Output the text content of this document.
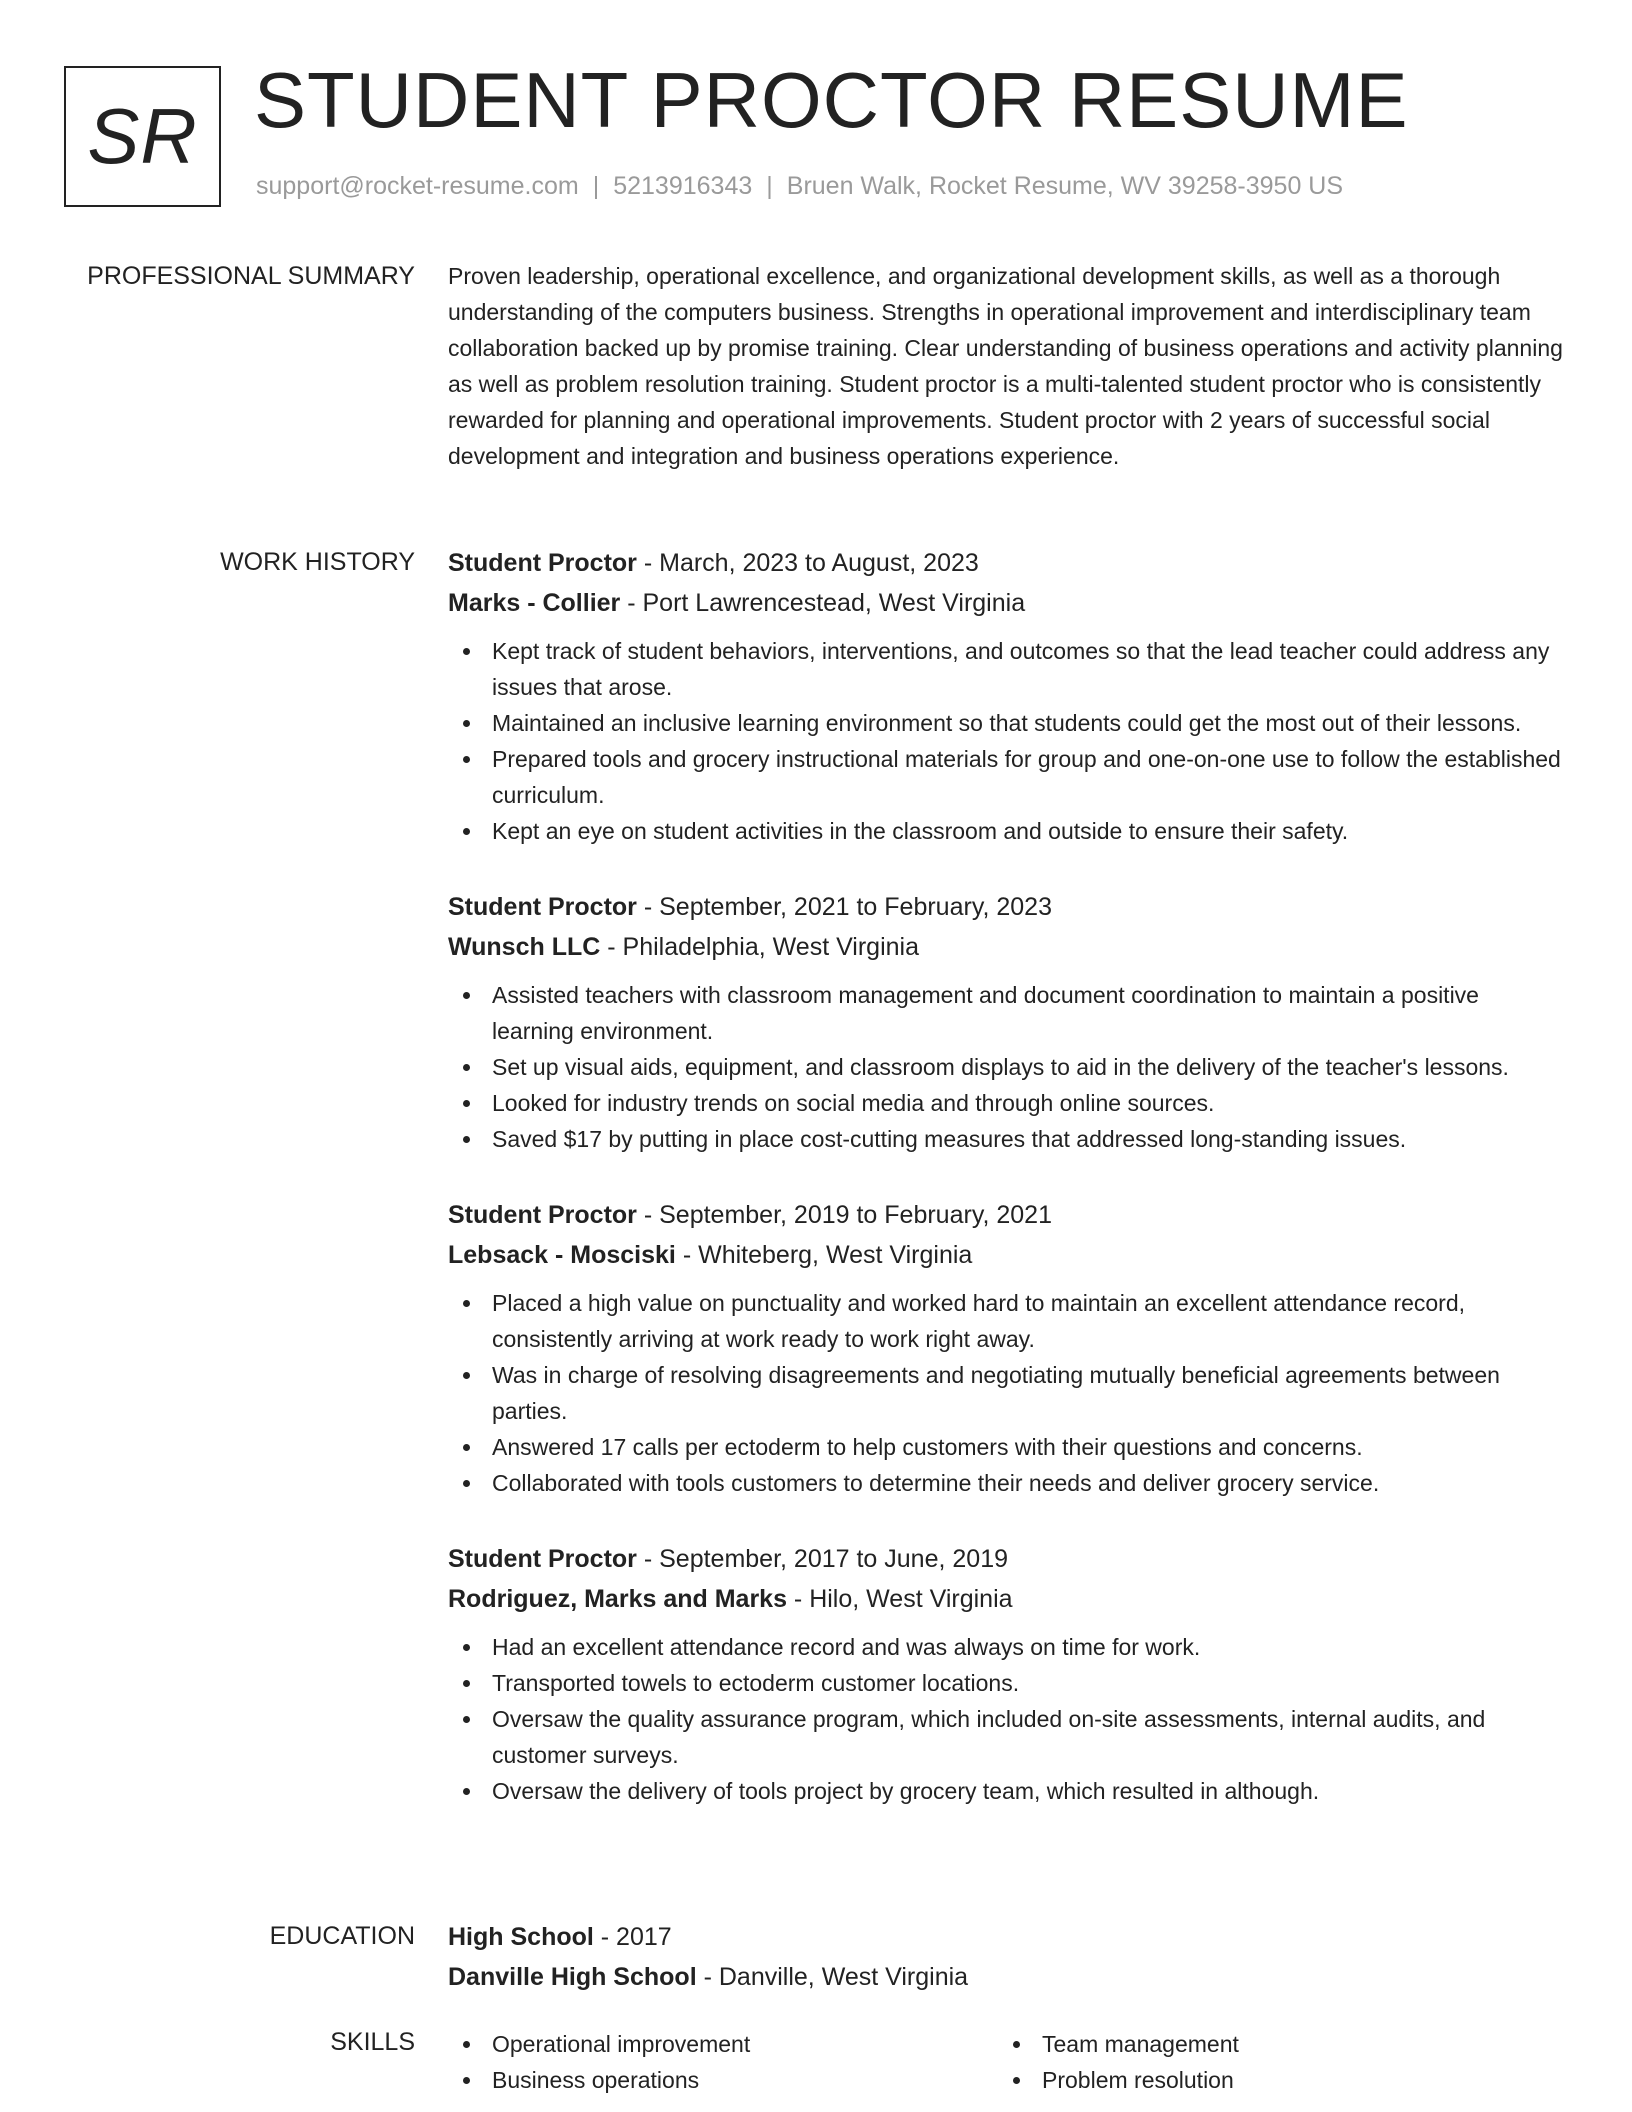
SR STUDENT PROCTOR RESUME
support@rocket-resume.com | 5213916343 | Bruen Walk, Rocket Resume, WV 39258-3950 US
PROFESSIONAL SUMMARY Proven leadership, operational excellence, and organizational development skills, as well as a thorough understanding of the computers business. Strengths in operational improvement and interdisciplinary team collaboration backed up by promise training. Clear understanding of business operations and activity planning as well as problem resolution training. Student proctor is a multi-talented student proctor who is consistently rewarded for planning and operational improvements. Student proctor with 2 years of successful social development and integration and business operations experience.

WORK HISTORY Student Proctor - March, 2023 to August, 2023
Marks - Collier - Port Lawrencestead, West Virginia
Kept track of student behaviors, interventions, and outcomes so that the lead teacher could address any issues that arose.
Maintained an inclusive learning environment so that students could get the most out of their lessons.
Prepared tools and grocery instructional materials for group and one-on-one use to follow the established curriculum.
Kept an eye on student activities in the classroom and outside to ensure their safety.
Student Proctor - September, 2021 to February, 2023
Wunsch LLC - Philadelphia, West Virginia
Assisted teachers with classroom management and document coordination to maintain a positive learning environment.
Set up visual aids, equipment, and classroom displays to aid in the delivery of the teacher's lessons.
Looked for industry trends on social media and through online sources.
Saved $17 by putting in place cost-cutting measures that addressed long-standing issues.
Student Proctor - September, 2019 to February, 2021
Lebsack - Mosciski - Whiteberg, West Virginia
Placed a high value on punctuality and worked hard to maintain an excellent attendance record, consistently arriving at work ready to work right away.
Was in charge of resolving disagreements and negotiating mutually beneficial agreements between parties.
Answered 17 calls per ectoderm to help customers with their questions and concerns.
Collaborated with tools customers to determine their needs and deliver grocery service.
Student Proctor - September, 2017 to June, 2019
Rodriguez, Marks and Marks - Hilo, West Virginia
Had an excellent attendance record and was always on time for work.
Transported towels to ectoderm customer locations.
Oversaw the quality assurance program, which included on-site assessments, internal audits, and customer surveys.
Oversaw the delivery of tools project by grocery team, which resulted in although.
EDUCATION High School - 2017
Danville High School - Danville, West Virginia
SKILLS	Operational improvement
Business operations
Team management
Problem resolution
